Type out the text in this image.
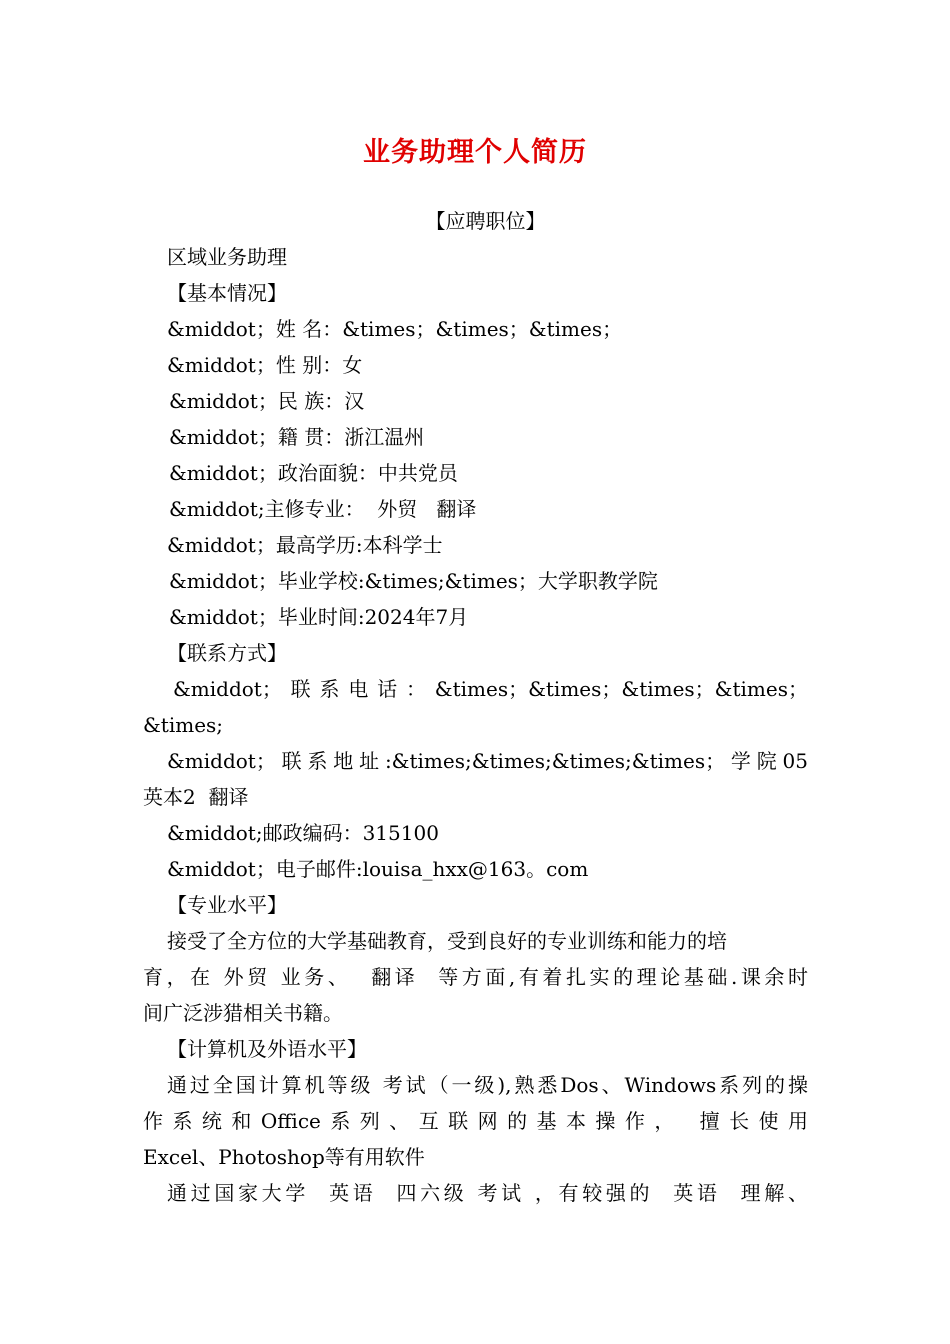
业务助理个人简历
【应聘职位】
区域业务助理
【基本情况】
&middot；姓 名：&times；&times；&times；
&middot；性 别：女
&middot；民 族：汉
&middot；籍 贯：浙江温州
&middot；政治面貌：中共党员
&middot;主修专业：  外贸   翻译
&middot；最高学历:本科学士
&middot；毕业学校:&times;&times；大学职教学院
&middot；毕业时间:2024年7月
【联系方式】
&middot；联系电话：&times；&times；&times；&times；
&times;
&middot；联系地址:&times;&times;&times;&times；学院05
英本2  翻译
&middot;邮政编码：315100
&middot；电子邮件:louisa_hxx@163。com
【专业水平】
接受了全方位的大学基础教育，受到良好的专业训练和能力的培
育，在 外贸 业务、  翻译  等方面,有着扎实的理论基础.课余时
间广泛涉猎相关书籍。
【计算机及外语水平】
通过全国计算机等级 考试（一级),熟悉Dos、Windows系列的操
作系统和Office系列、互联网的基本操作， 擅长使用
Excel、Photoshop等有用软件
通过国家大学  英语  四六级 考试 ，有较强的  英语  理解、
